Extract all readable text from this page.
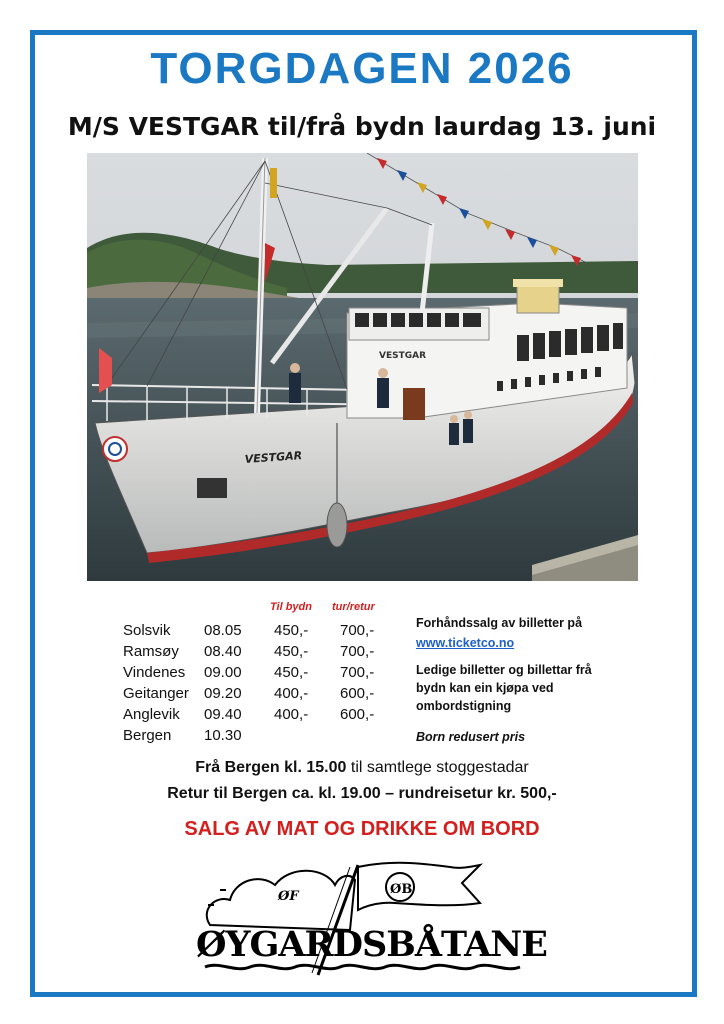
TORGDAGEN 2026
M/S VESTGAR til/frå bydn laurdag 13. juni
VESTGAR
VESTGAR
Til bydn tur/retur
Solsvik 08.05 450,- 700,-
Ramsøy 08.40 450,- 700,-
Vindenes 09.00 450,- 700,-
Geitanger 09.20 400,- 600,-
Anglevik 09.40 400,- 600,-
Bergen 10.30
Forhåndssalg av billetter på
www.ticketco.no
Ledige billetter og billettar frå bydn kan ein kjøpa ved ombordstigning
Born redusert pris
Frå Bergen kl. 15.00 til samtlege stoggestadar
Retur til Bergen ca. kl. 19.00 – rundreisetur kr. 500,-
SALG AV MAT OG DRIKKE OM BORD
ØF	ØB
ØYGARDSBÅTANE
